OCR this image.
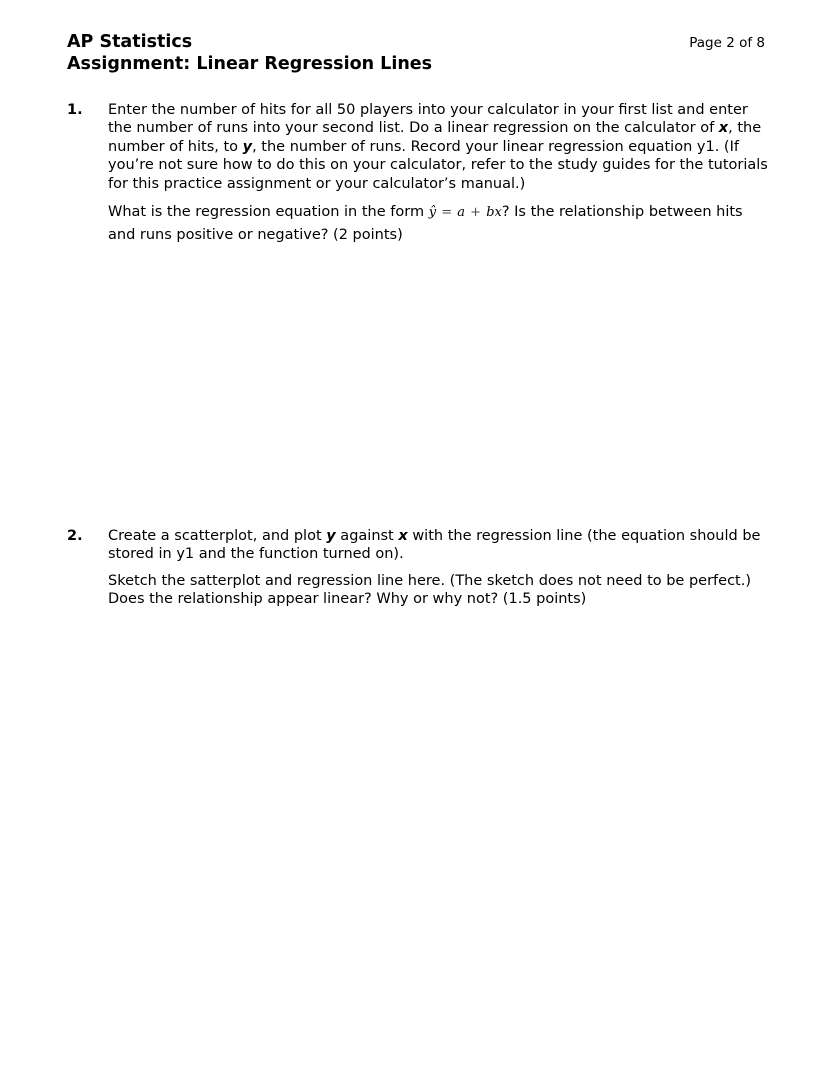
AP Statistics
Assignment: Linear Regression Lines
Page 2 of 8
1. Enter the number of hits for all 50 players into your calculator in your first list and enter the number of runs into your second list. Do a linear regression on the calculator of x, the number of hits, to y, the number of runs. Record your linear regression equation y1. (If you’re not sure how to do this on your calculator, refer to the study guides for the tutorials for this practice assignment or your calculator’s manual.)

What is the regression equation in the form ŷ = a + bx? Is the relationship between hits and runs positive or negative? (2 points)

2. Create a scatterplot, and plot y against x with the regression line (the equation should be stored in y1 and the function turned on).

Sketch the satterplot and regression line here. (The sketch does not need to be perfect.) Does the relationship appear linear? Why or why not? (1.5 points)
